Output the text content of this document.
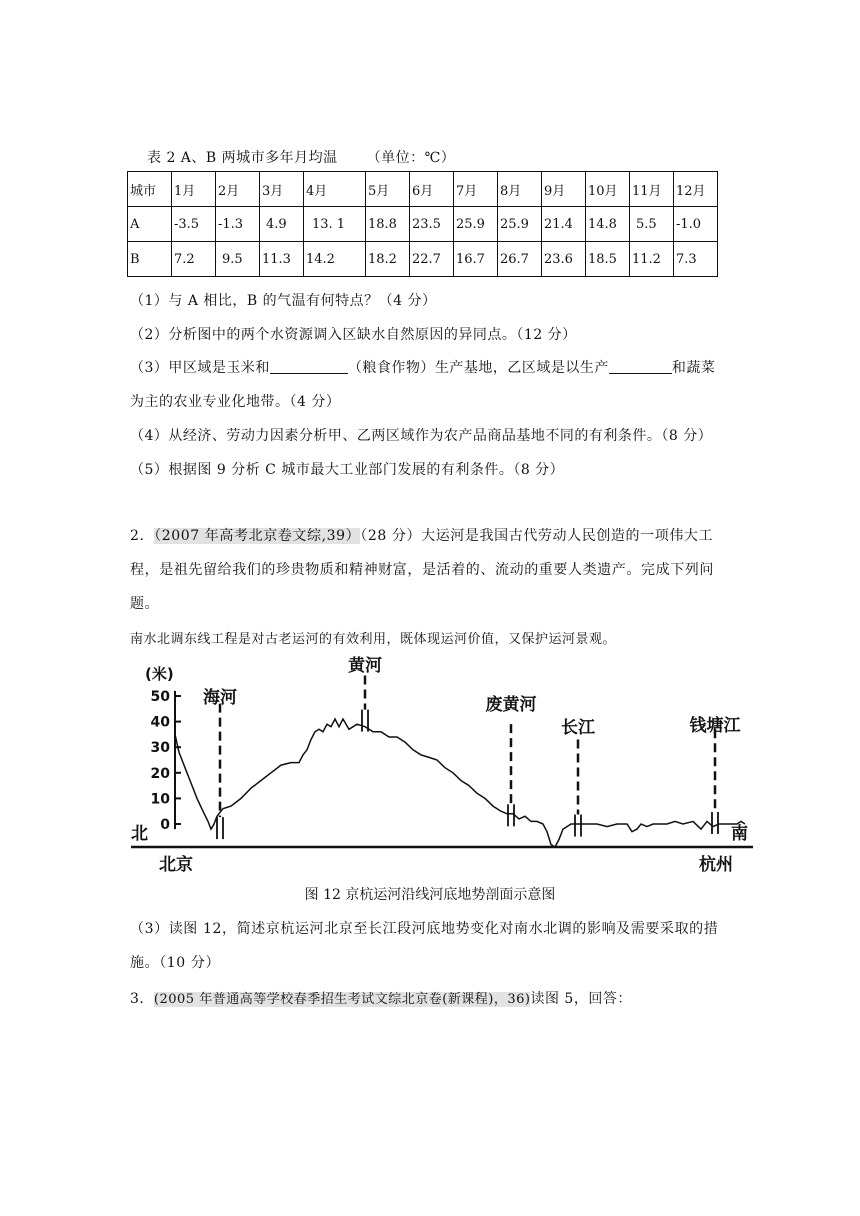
表 2 A、B 两城市多年月均温 （单位：℃）
城市	1月	2月	3月	4月	5月	6月	7月	8月	9月	10月	11月	12月
A	-3.5	-1.3	4.9	13. 1	18.8	23.5	25.9	25.9	21.4	14.8	5.5	-1.0
B	7.2	9.5	11.3	14.2	18.2	22.7	16.7	26.7	23.6	18.5	11.2	7.3
（1）与 A 相比，B 的气温有何特点？（4 分）
（2）分析图中的两个水资源调入区缺水自然原因的异同点。（12 分）
（3）甲区域是玉米和	（粮食作物）生产基地，乙区域是以生产	和蔬菜
为主的农业专业化地带。（4 分）
（4）从经济、劳动力因素分析甲、乙两区域作为农产品商品基地不同的有利条件。（8 分）
（5）根据图 9 分析 C 城市最大工业部门发展的有利条件。（8 分）
2．（2007 年高考北京卷文综,39）（28 分）大运河是我国古代劳动人民创造的一项伟大工程，是祖先留给我们的珍贵物质和精神财富，是活着的、流动的重要人类遗产。完成下列问题。
南水北调东线工程是对古老运河的有效利用，既体现运河价值，又保护运河景观。
(米)
50
40
30
20
10
0
海河
黄河
废黄河
长江	钱塘江
北	南
北京	杭州
图 12 京杭运河沿线河底地势剖面示意图
（3）读图 12，简述京杭运河北京至长江段河底地势变化对南水北调的影响及需要采取的措施。（10 分）
3．(2005 年普通高等学校春季招生考试文综北京卷(新课程)，36)读图 5，回答：
